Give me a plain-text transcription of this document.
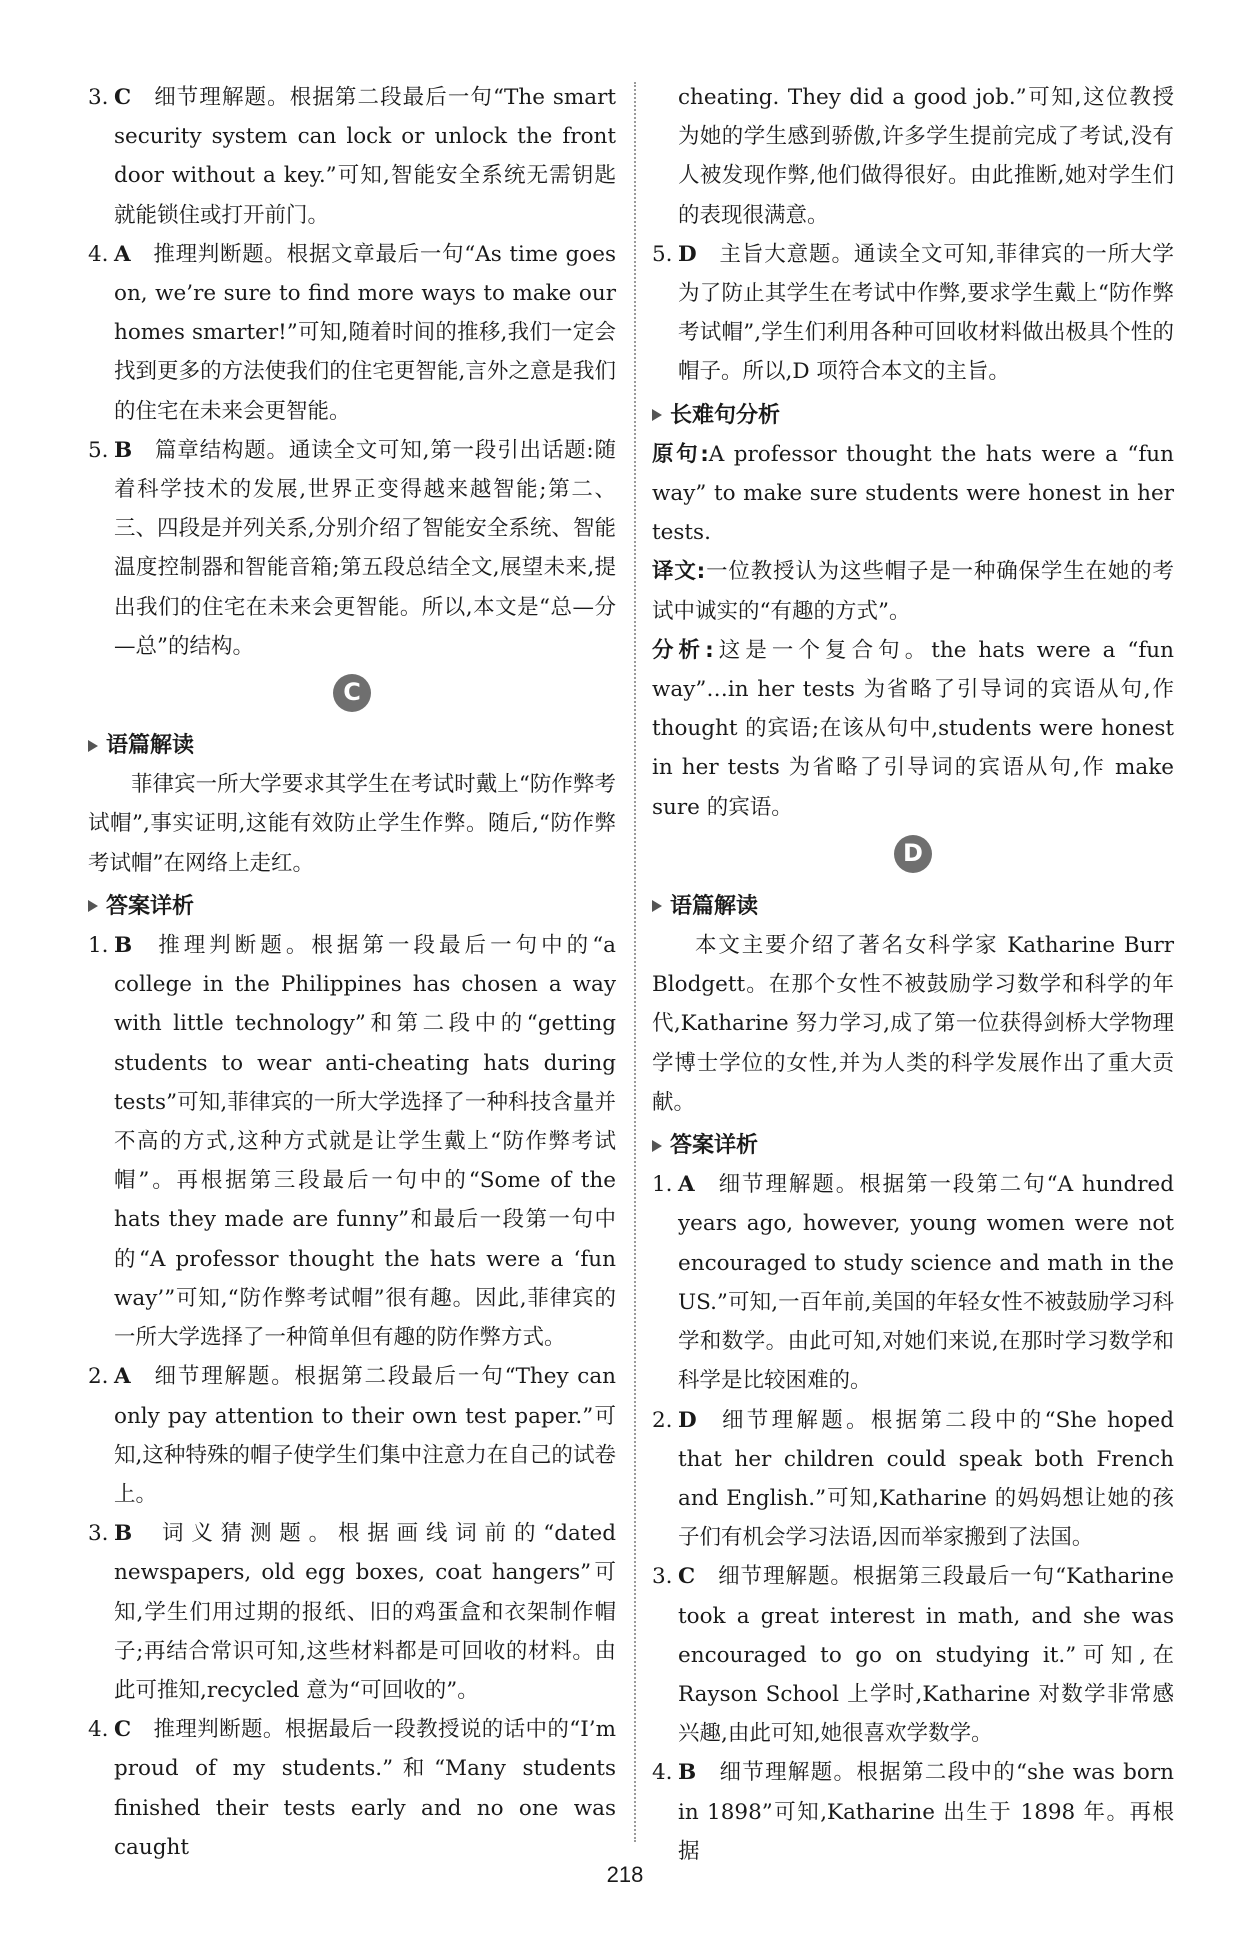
3. C 细节理解题。根据第二段最后一句“The smart security system can lock or unlock the front door without a key.”可知,智能安全系统无需钥匙就能锁住或打开前门。

4. A 推理判断题。根据文章最后一句“As time goes on, we’re sure to find more ways to make our homes smarter!”可知,随着时间的推移,我们一定会找到更多的方法使我们的住宅更智能,言外之意是我们的住宅在未来会更智能。

5. B 篇章结构题。通读全文可知,第一段引出话题:随着科学技术的发展,世界正变得越来越智能;第二、三、四段是并列关系,分别介绍了智能安全系统、智能温度控制器和智能音箱;第五段总结全文,展望未来,提出我们的住宅在未来会更智能。所以,本文是“总—分—总”的结构。

C
语篇解读

菲律宾一所大学要求其学生在考试时戴上“防作弊考试帽”,事实证明,这能有效防止学生作弊。随后,“防作弊考试帽”在网络上走红。

答案详析

1. B 推理判断题。根据第一段最后一句中的“a college in the Philippines has chosen a way with little technology”和第二段中的“getting students to wear anti-cheating hats during tests”可知,菲律宾的一所大学选择了一种科技含量并不高的方式,这种方式就是让学生戴上“防作弊考试帽”。再根据第三段最后一句中的“Some of the hats they made are funny”和最后一段第一句中的“A professor thought the hats were a ‘fun way’”可知,“防作弊考试帽”很有趣。因此,菲律宾的一所大学选择了一种简单但有趣的防作弊方式。

2. A 细节理解题。根据第二段最后一句“They can only pay attention to their own test paper.”可知,这种特殊的帽子使学生们集中注意力在自己的试卷上。

3. B 词义猜测题。根据画线词前的“dated newspapers, old egg boxes, coat hangers”可知,学生们用过期的报纸、旧的鸡蛋盒和衣架制作帽子;再结合常识可知,这些材料都是可回收的材料。由此可推知,recycled 意为“可回收的”。

4. C 推理判断题。根据最后一段教授说的话中的“I’m proud of my students.”和“Many students finished their tests early and no one was caught

cheating. They did a good job.”可知,这位教授为她的学生感到骄傲,许多学生提前完成了考试,没有人被发现作弊,他们做得很好。由此推断,她对学生们的表现很满意。

5. D 主旨大意题。通读全文可知,菲律宾的一所大学为了防止其学生在考试中作弊,要求学生戴上“防作弊考试帽”,学生们利用各种可回收材料做出极具个性的帽子。所以,D 项符合本文的主旨。

长难句分析

原句:A professor thought the hats were a “fun way” to make sure students were honest in her tests.

译文:一位教授认为这些帽子是一种确保学生在她的考试中诚实的“有趣的方式”。

分析:这是一个复合句。the hats were a “fun way”…in her tests 为省略了引导词的宾语从句,作 thought 的宾语;在该从句中,students were honest in her tests 为省略了引导词的宾语从句,作 make sure 的宾语。

D
语篇解读

本文主要介绍了著名女科学家 Katharine Burr Blodgett。在那个女性不被鼓励学习数学和科学的年代,Katharine 努力学习,成了第一位获得剑桥大学物理学博士学位的女性,并为人类的科学发展作出了重大贡献。

答案详析

1. A 细节理解题。根据第一段第二句“A hundred years ago, however, young women were not encouraged to study science and math in the US.”可知,一百年前,美国的年轻女性不被鼓励学习科学和数学。由此可知,对她们来说,在那时学习数学和科学是比较困难的。

2. D 细节理解题。根据第二段中的“She hoped that her children could speak both French and English.”可知,Katharine 的妈妈想让她的孩子们有机会学习法语,因而举家搬到了法国。

3. C 细节理解题。根据第三段最后一句“Katharine took a great interest in math, and she was encouraged to go on studying it.”可知,在 Rayson School 上学时,Katharine 对数学非常感兴趣,由此可知,她很喜欢学数学。

4. B 细节理解题。根据第二段中的“she was born in 1898”可知,Katharine 出生于 1898 年。再根据

218
